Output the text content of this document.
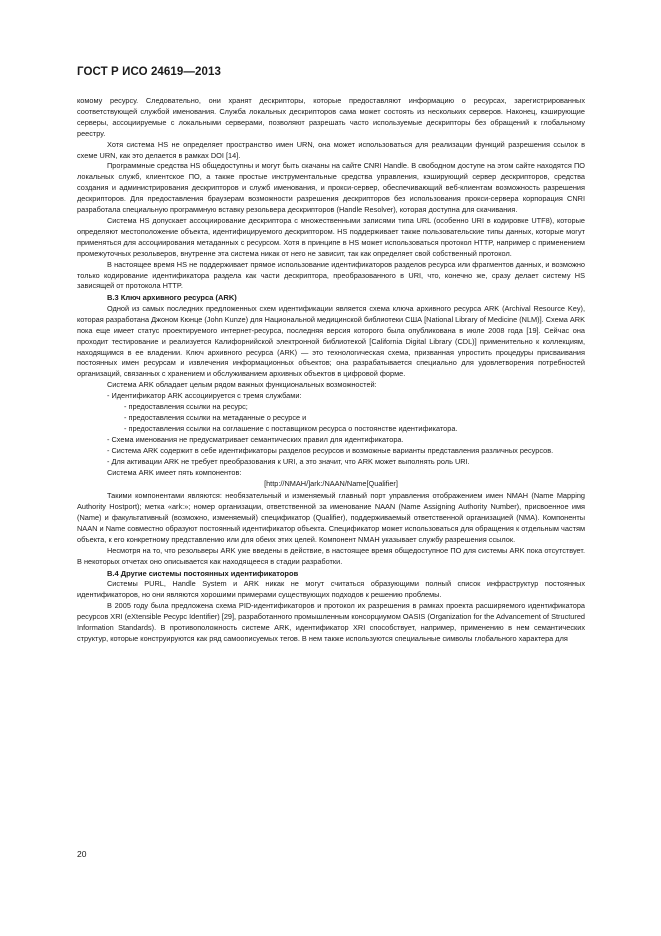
ГОСТ Р ИСО 24619—2013

комому ресурсу. Следовательно, они хранят дескрипторы, которые предоставляют информацию о ресурсах, зарегистрированных соответствующей службой именования. Служба локальных дескрипторов сама может состоять из нескольких серверов. Наконец, кэширующие серверы, ассоциируемые с локальными серверами, позволяют разрешать часто используемые дескрипторы без обращений к глобальному реестру.

Хотя система HS не определяет пространство имен URN, она может использоваться для реализации функций разрешения ссылок в схеме URN, как это делается в рамках DOI [14].

Программные средства HS общедоступны и могут быть скачаны на сайте CNRI Handle. В свободном доступе на этом сайте находятся ПО локальных служб, клиентское ПО, а также простые инструментальные средства управления, кэширующий сервер дескрипторов, средства создания и администрирования дескрипторов и служб именования, и прокси-сервер, обеспечивающий веб-клиентам возможность разрешения дескрипторов. Для предоставления браузерам возможности разрешения дескрипторов без использования прокси-сервера корпорация CNRI разработала специальную программную вставку резольвера дескрипторов (Handle Resolver), которая доступна для скачивания.

Система HS допускает ассоциирование дескриптора с множественными записями типа URL (особенно URI в кодировке UTF8), которые определяют местоположение объекта, идентифицируемого дескриптором. HS поддерживает также пользовательские типы данных, которые могут применяться для ассоциирования метаданных с ресурсом. Хотя в принципе в HS может использоваться протокол HTTP, например с применением промежуточных резольверов, внутренне эта система никак от него не зависит, так как определяет свой собственный протокол.

В настоящее время HS не поддерживает прямое использование идентификаторов разделов ресурса или фрагментов данных, и возможно только кодирование идентификатора раздела как части дескриптора, преобразованного в URI, что, конечно же, сразу делает систему HS зависящей от протокола HTTP.

В.3 Ключ архивного ресурса (ARK)

Одной из самых последних предложенных схем идентификации является схема ключа архивного ресурса ARK (Archival Resource Key), которая разработана Джоном Кюнце (John Kunze) для Национальной медицинской библиотеки США [National Library of Medicine (NLM)]. Схема ARK пока еще имеет статус проектируемого интернет-ресурса, последняя версия которого была опубликована в июле 2008 года [19]. Сейчас она проходит тестирование и реализуется Калифорнийской электронной библиотекой [California Digital Library (CDL)] применительно к коллекциям, находящимся в ее владении. Ключ архивного ресурса (ARK) — это технологическая схема, призванная упростить процедуры присваивания постоянных имен ресурсам и извлечения информационных объектов; она разрабатывается специально для удовлетворения потребностей организаций, связанных с хранением и обслуживанием архивных объектов в цифровой форме.

Система ARK обладает целым рядом важных функциональных возможностей:

- Идентификатор ARK ассоциируется с тремя службами:

- предоставления ссылки на ресурс;

- предоставления ссылки на метаданные о ресурсе и

- предоставления ссылки на соглашение с поставщиком ресурса о постоянстве идентификатора.

- Схема именования не предусматривает семантических правил для идентификатора.

- Система ARK содержит в себе идентификаторы разделов ресурсов и возможные варианты представления различных ресурсов.

- Для активации ARK не требует преобразования к URI, а это значит, что ARK может выполнять роль URI.

Система ARK имеет пять компонентов:

[http://NMAH/]ark:/NAAN/Name[Qualifier]

Такими компонентами являются: необязательный и изменяемый главный порт управления отображением имен NMAH (Name Mapping Authority Hostport); метка «ark:»; номер организации, ответственной за именование NAAN (Name Assigning Authority Number), присвоенное имя (Name) и факультативный (возможно, изменяемый) спецификатор (Qualifier), поддерживаемый ответственной организацией (NMA). Компоненты NAAN и Name совместно образуют постоянный идентификатор объекта. Спецификатор может использоваться для обращения к отдельным частям объекта, к его конкретному представлению или для обеих этих целей. Компонент NMAH указывает службу разрешения ссылок.

Несмотря на то, что резольверы ARK уже введены в действие, в настоящее время общедоступное ПО для системы ARK пока отсутствует. В некоторых отчетах оно описывается как находящееся в стадии разработки.

В.4 Другие системы постоянных идентификаторов

Системы PURL, Handle System и ARK никак не могут считаться образующими полный список инфраструктур постоянных идентификаторов, но они являются хорошими примерами существующих подходов к решению проблемы.

В 2005 году была предложена схема PID-идентификаторов и протокол их разрешения в рамках проекта расширяемого идентификатора ресурсов XRI (eXtensible Ресурс Identifier) [29], разработанного промышленным консорциумом OASIS (Organization for the Advancement of Structured Information Standards). В противоположность системе ARK, идентификатор XRI способствует, например, применению в нем семантических структур, которые конструируются как ряд самоописуемых тегов. В нем также используются специальные символы глобального характера для

20
